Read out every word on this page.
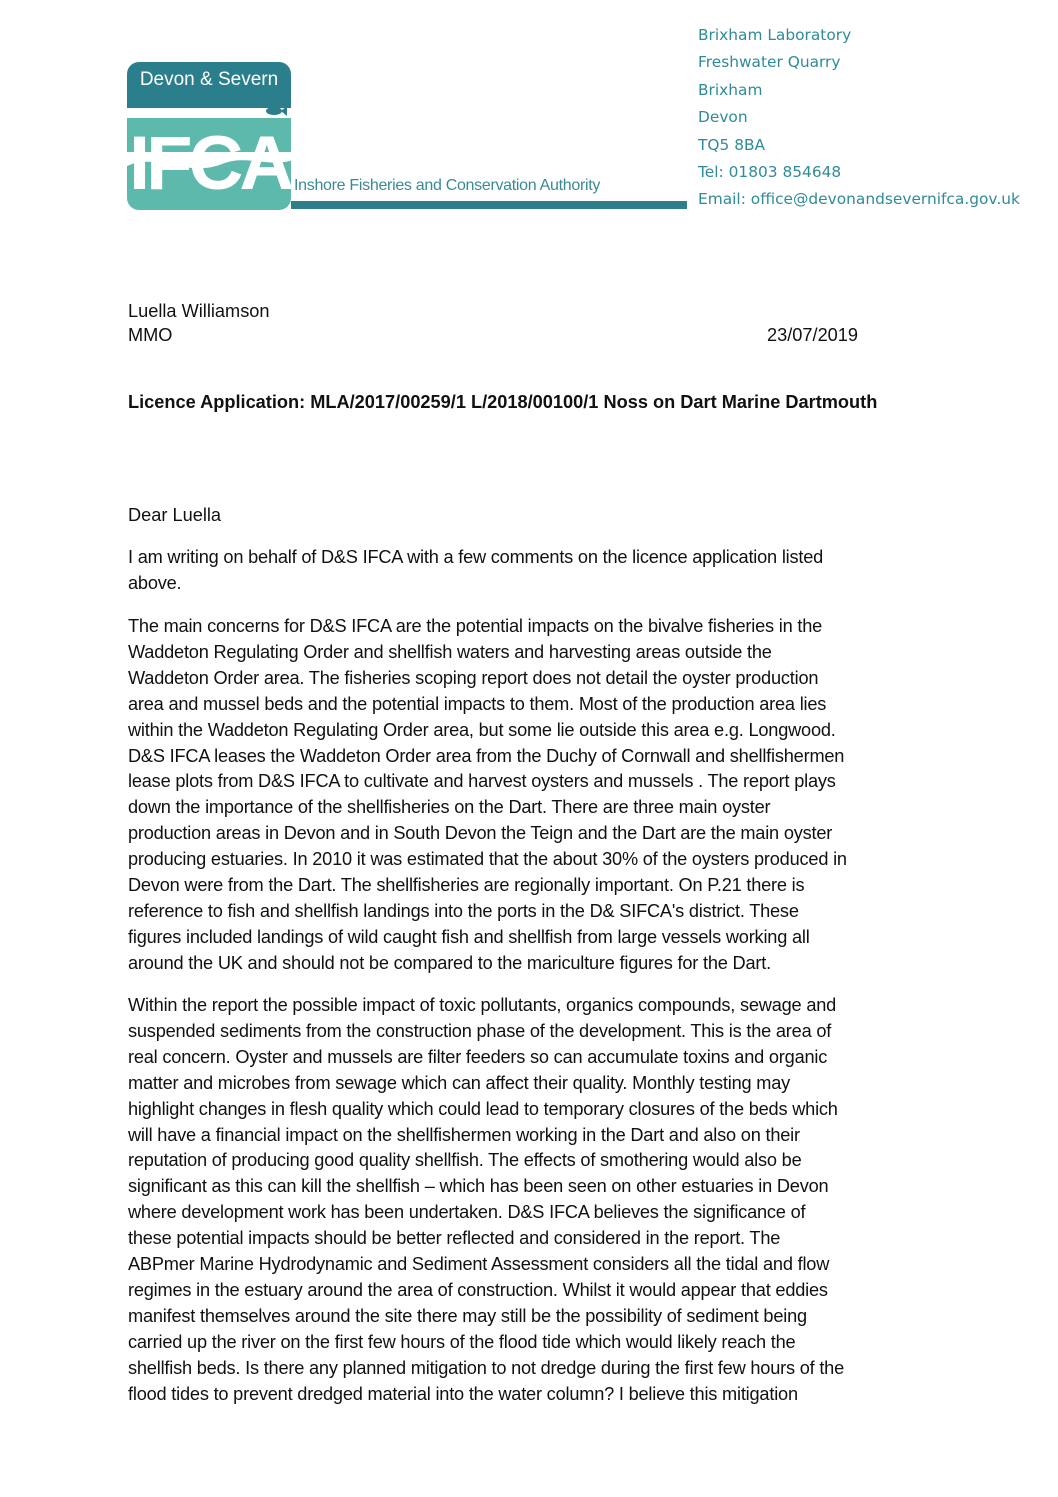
Devon & Severn
IFCA Inshore Fisheries and Conservation Authority
Brixham Laboratory
Freshwater Quarry
Brixham
Devon
TQ5 8BA
Tel: 01803 854648
Email: office@devonandsevernifca.gov.uk
Luella Williamson
MMO	23/07/2019
Licence Application: MLA/2017/00259/1 L/2018/00100/1 Noss on Dart Marine Dartmouth
Dear Luella
I am writing on behalf of D&S IFCA with a few comments on the licence application listed
above.
The main concerns for D&S IFCA are the potential impacts on the bivalve fisheries in the
Waddeton Regulating Order and shellfish waters and harvesting areas outside the
Waddeton Order area. The fisheries scoping report does not detail the oyster production
area and mussel beds and the potential impacts to them. Most of the production area lies
within the Waddeton Regulating Order area, but some lie outside this area e.g. Longwood.
D&S IFCA leases the Waddeton Order area from the Duchy of Cornwall and shellfishermen
lease plots from D&S IFCA to cultivate and harvest oysters and mussels . The report plays
down the importance of the shellfisheries on the Dart. There are three main oyster
production areas in Devon and in South Devon the Teign and the Dart are the main oyster
producing estuaries. In 2010 it was estimated that the about 30% of the oysters produced in
Devon were from the Dart. The shellfisheries are regionally important. On P.21 there is
reference to fish and shellfish landings into the ports in the D& SIFCA's district. These
figures included landings of wild caught fish and shellfish from large vessels working all
around the UK and should not be compared to the mariculture figures for the Dart.
Within the report the possible impact of toxic pollutants, organics compounds, sewage and
suspended sediments from the construction phase of the development. This is the area of
real concern. Oyster and mussels are filter feeders so can accumulate toxins and organic
matter and microbes from sewage which can affect their quality. Monthly testing may
highlight changes in flesh quality which could lead to temporary closures of the beds which
will have a financial impact on the shellfishermen working in the Dart and also on their
reputation of producing good quality shellfish. The effects of smothering would also be
significant as this can kill the shellfish – which has been seen on other estuaries in Devon
where development work has been undertaken. D&S IFCA believes the significance of
these potential impacts should be better reflected and considered in the report. The
ABPmer Marine Hydrodynamic and Sediment Assessment considers all the tidal and flow
regimes in the estuary around the area of construction. Whilst it would appear that eddies
manifest themselves around the site there may still be the possibility of sediment being
carried up the river on the first few hours of the flood tide which would likely reach the
shellfish beds. Is there any planned mitigation to not dredge during the first few hours of the
flood tides to prevent dredged material into the water column? I believe this mitigation
